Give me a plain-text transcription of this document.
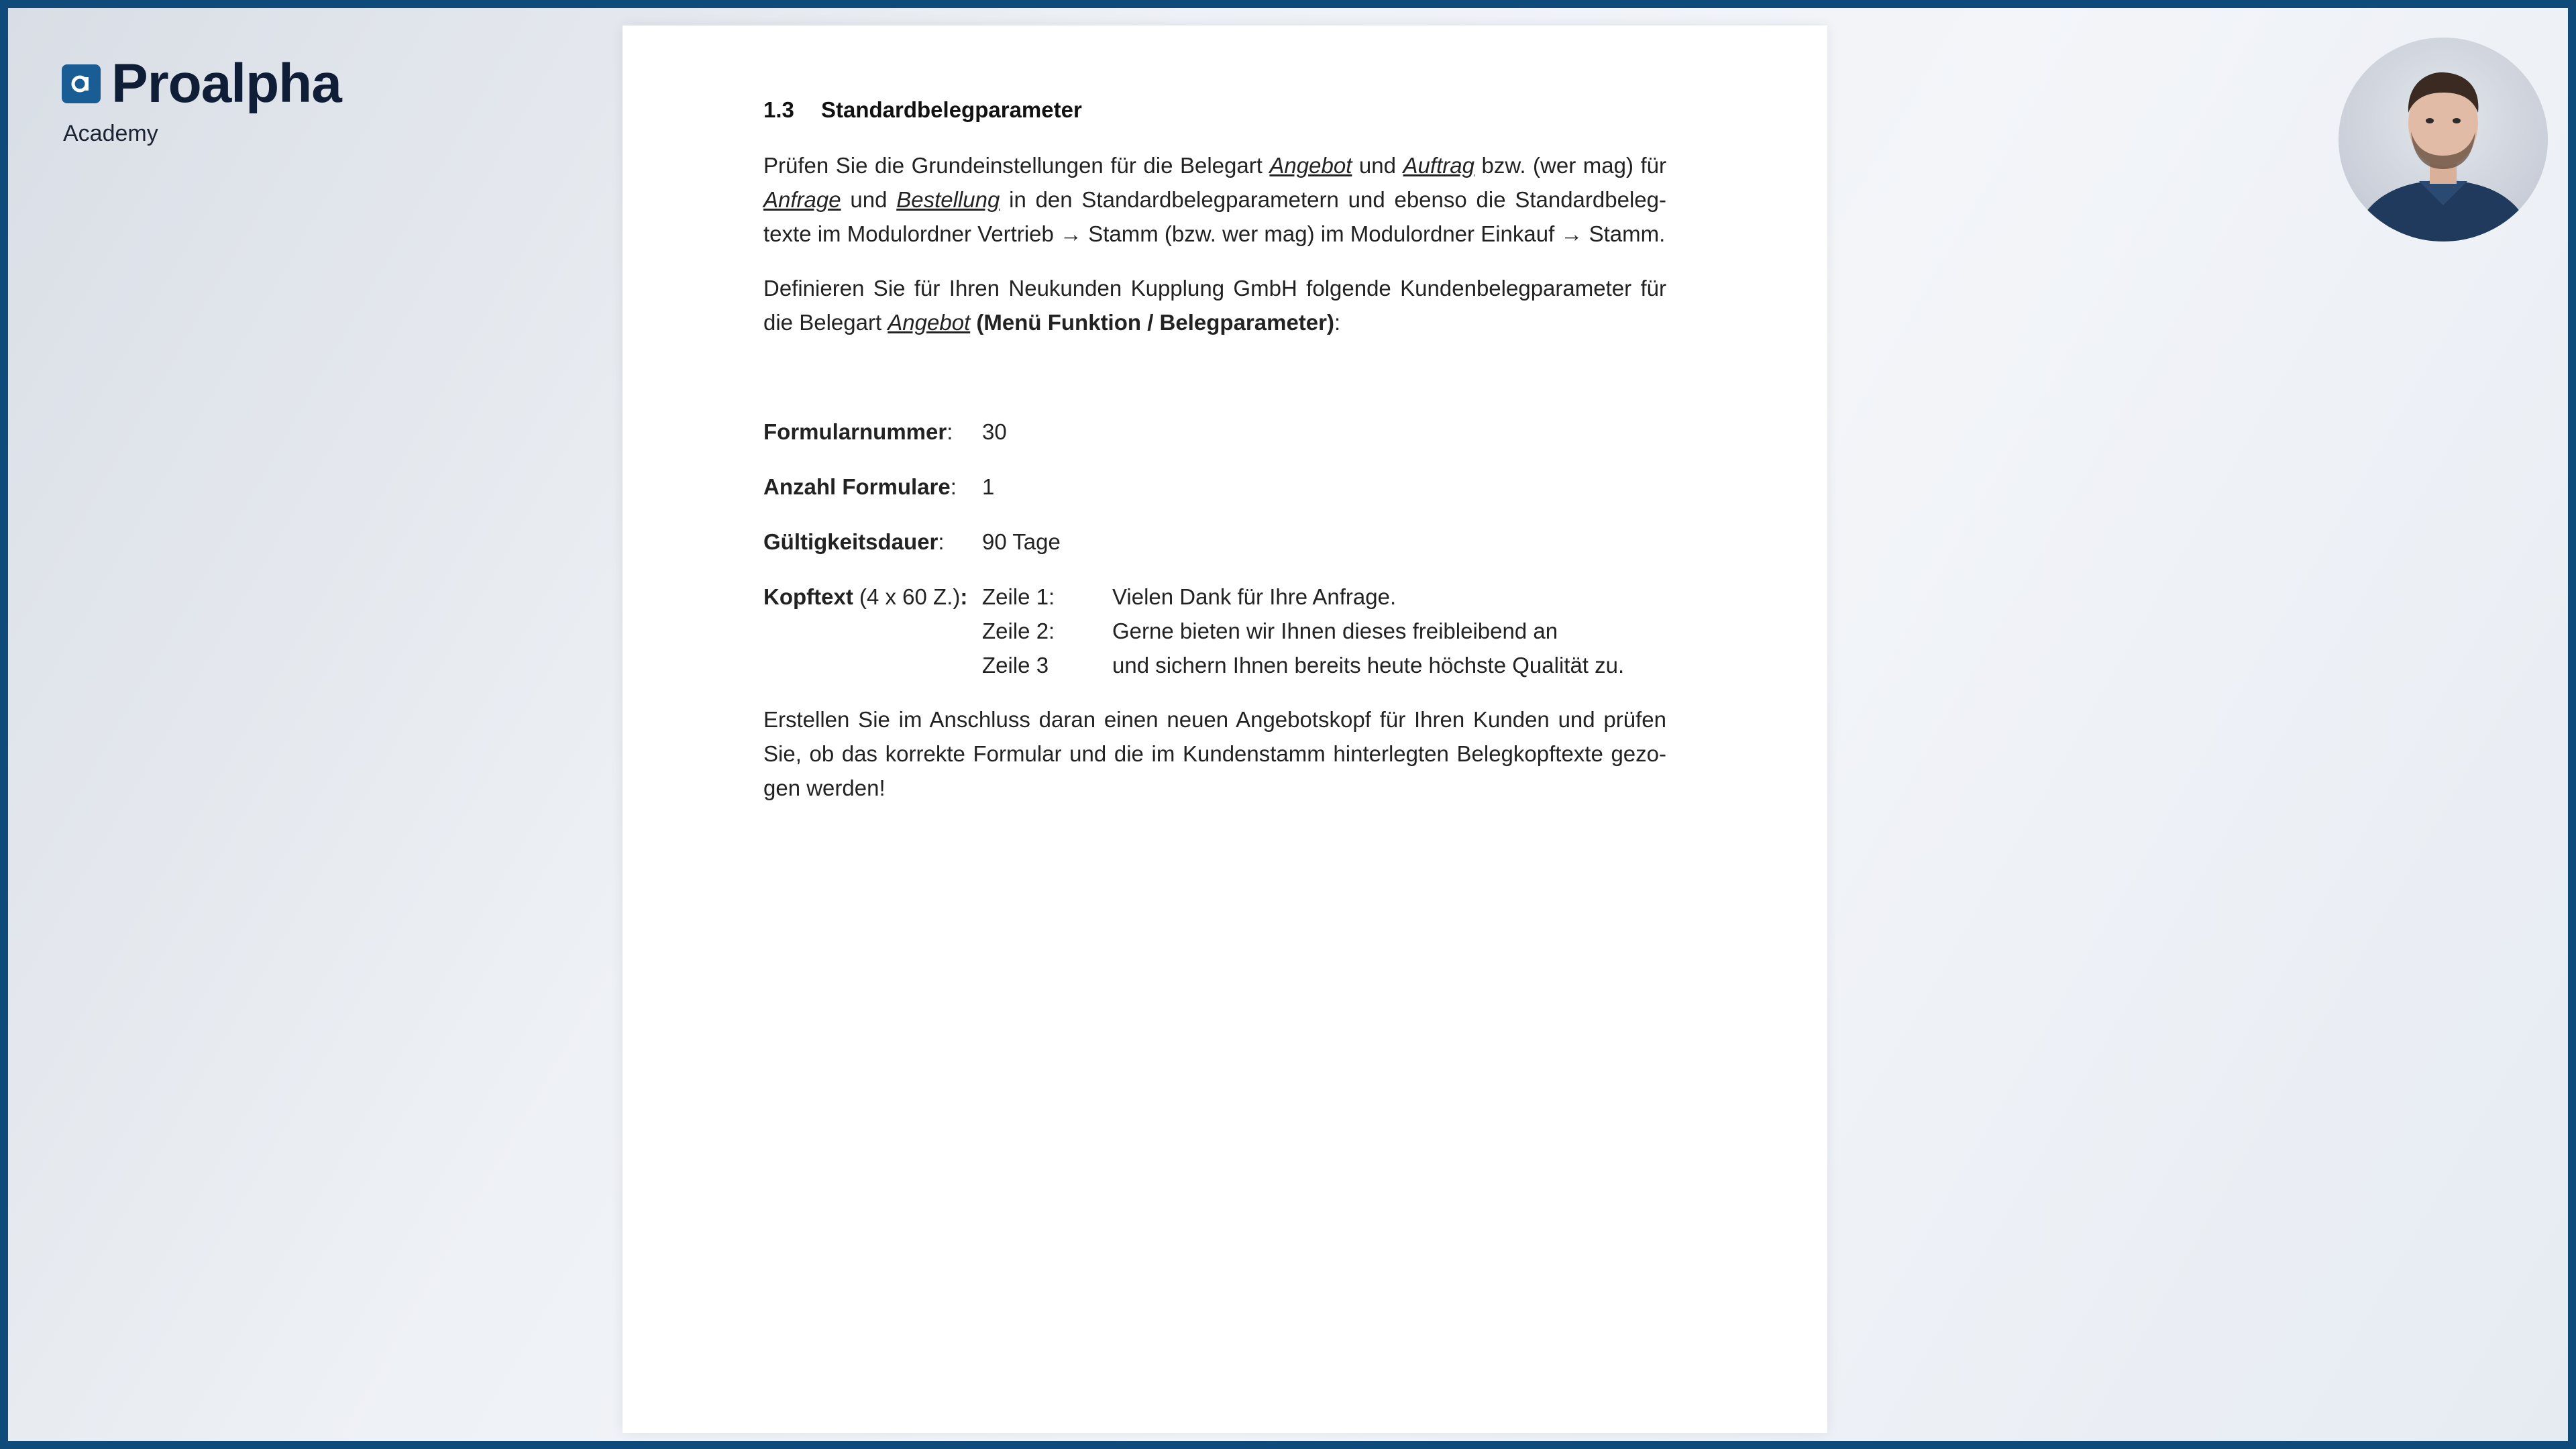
Proalpha
Academy
1.3	Standardbelegparameter

Prüfen Sie die Grundeinstellungen für die Belegart Angebot und Auftrag bzw. (wer mag) für Anfrage und Bestellung in den Standardbelegparametern und ebenso die Standardbeleg-texte im Modulordner Vertrieb → Stamm (bzw. wer mag) im Modulordner Einkauf → Stamm.

Definieren Sie für Ihren Neukunden Kupplung GmbH folgende Kundenbelegparameter für die Belegart Angebot (Menü Funktion / Belegparameter):

Formularnummer:	30
Anzahl Formulare:	1
Gültigkeitsdauer:	90 Tage
Kopftext (4 x 60 Z.): Zeile 1:	Vielen Dank für Ihre Anfrage.
Zeile 2:	Gerne bieten wir Ihnen dieses freibleibend an
Zeile 3	und sichern Ihnen bereits heute höchste Qualität zu.

Erstellen Sie im Anschluss daran einen neuen Angebotskopf für Ihren Kunden und prüfen Sie, ob das korrekte Formular und die im Kundenstamm hinterlegten Belegkopftexte gezo-gen werden!
